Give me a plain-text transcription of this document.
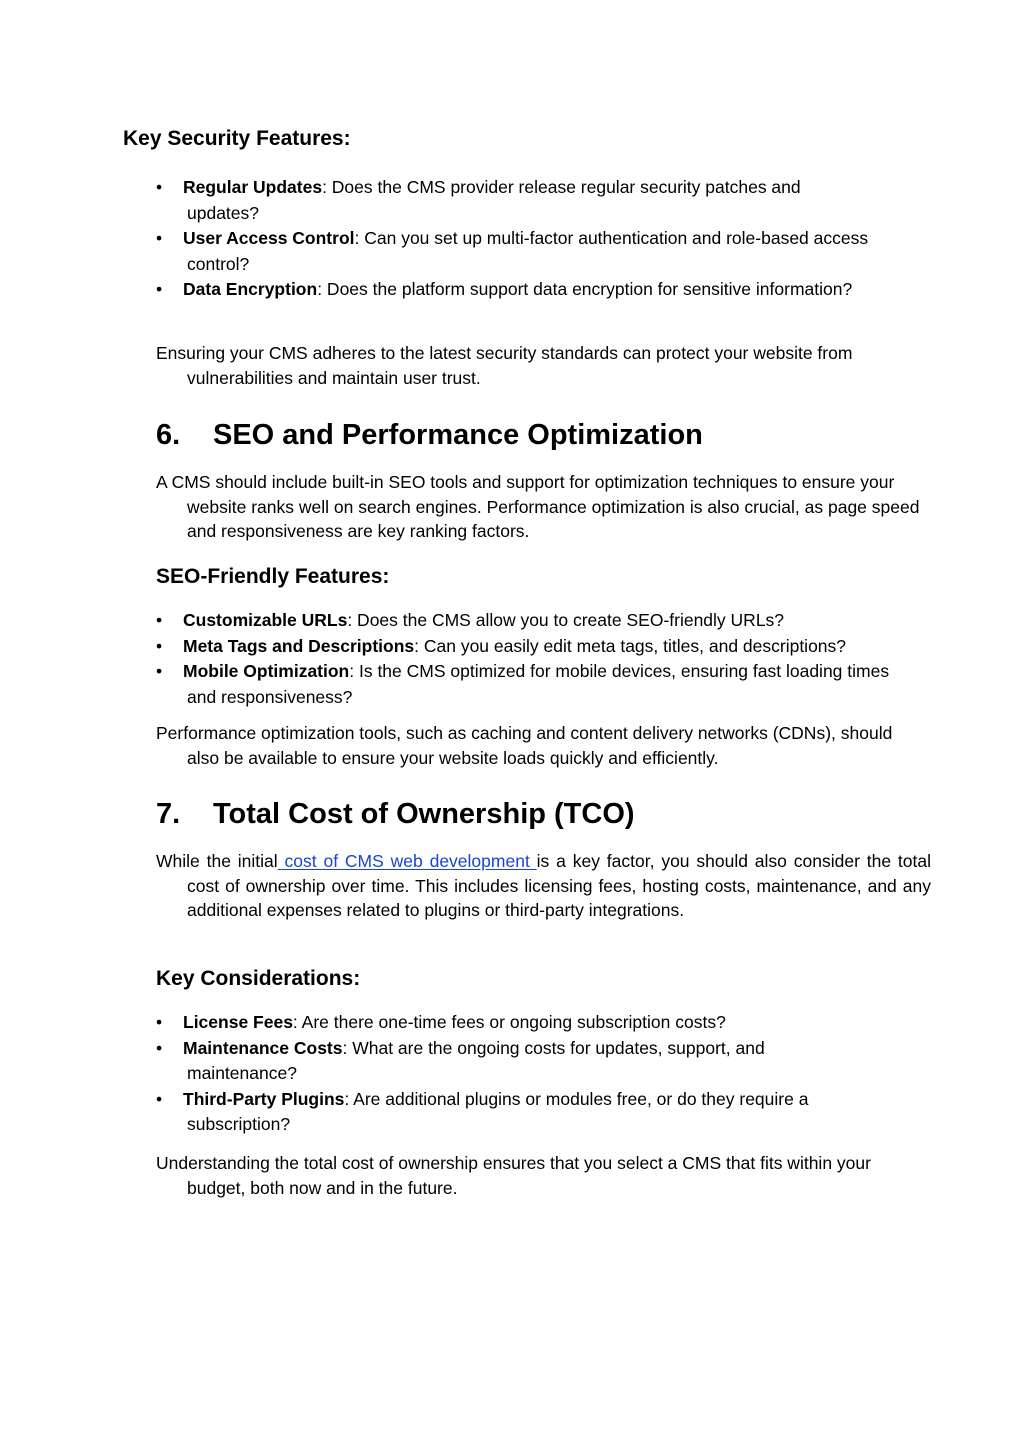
Key Security Features:
•	Regular Updates: Does the CMS provider release regular security patches and updates?
•	User Access Control: Can you set up multi-factor authentication and role-based access control?
•	Data Encryption: Does the platform support data encryption for sensitive information?

Ensuring your CMS adheres to the latest security standards can protect your website from vulnerabilities and maintain user trust.

6. SEO and Performance Optimization

A CMS should include built-in SEO tools and support for optimization techniques to ensure your website ranks well on search engines. Performance optimization is also crucial, as page speed and responsiveness are key ranking factors.

SEO-Friendly Features:
•	Customizable URLs: Does the CMS allow you to create SEO-friendly URLs?
•	Meta Tags and Descriptions: Can you easily edit meta tags, titles, and descriptions?
•	Mobile Optimization: Is the CMS optimized for mobile devices, ensuring fast loading times and responsiveness?

Performance optimization tools, such as caching and content delivery networks (CDNs), should also be available to ensure your website loads quickly and efficiently.

7. Total Cost of Ownership (TCO)

While the initial cost of CMS web development is a key factor, you should also consider the total cost of ownership over time. This includes licensing fees, hosting costs, maintenance, and any additional expenses related to plugins or third-party integrations.

Key Considerations:
•	License Fees: Are there one-time fees or ongoing subscription costs?
•	Maintenance Costs: What are the ongoing costs for updates, support, and maintenance?
•	Third-Party Plugins: Are additional plugins or modules free, or do they require a subscription?

Understanding the total cost of ownership ensures that you select a CMS that fits within your budget, both now and in the future.
